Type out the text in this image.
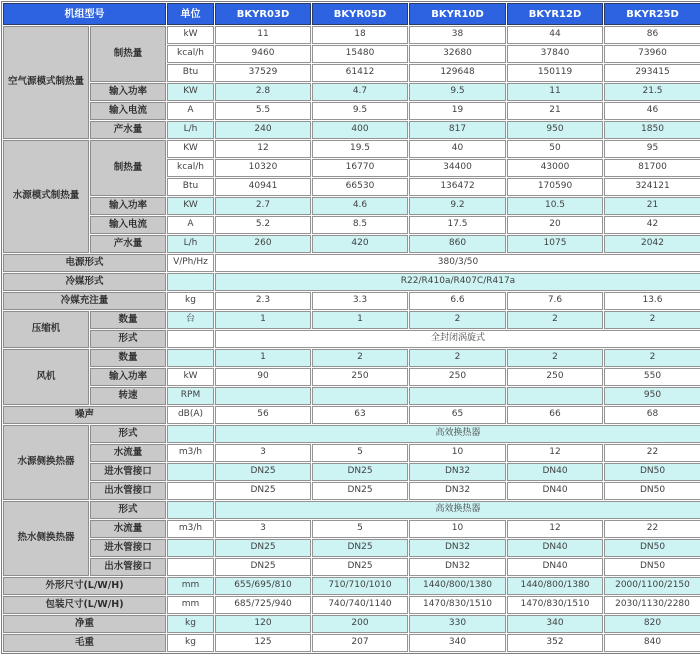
机组型号		单位	BKYR03D	BKYR05D	BKYR10D	BKYR12D	BKYR25D
空气源模式制热量	制热量	kW	11	18	38	44	86
		kcal/h	9460	15480	32680	37840	73960
		Btu	37529	61412	129648	150119	293415
	输入功率	KW	2.8	4.7	9.5	11	21.5
	输入电流	A	5.5	9.5	19	21	46
	产水量	L/h	240	400	817	950	1850
水源模式制热量	制热量	KW	12	19.5	40	50	95
		kcal/h	10320	16770	34400	43000	81700
		Btu	40941	66530	136472	170590	324121
	输入功率	KW	2.7	4.6	9.2	10.5	21
	输入电流	A	5.2	8.5	17.5	20	42
	产水量	L/h	260	420	860	1075	2042
电源形式		V/Ph/Hz	380/3/50				
冷媒形式			R22/R410a/R407C/R417a				
冷媒充注量		kg	2.3	3.3	6.6	7.6	13.6
压缩机	数量	台	1	1	2	2	2
	形式		全封闭涡旋式				
风机	数量		1	2	2	2	2
	输入功率	kW	90	250	250	250	550
	转速	RPM					950
噪声		dB(A)	56	63	65	66	68
水源侧换热器	形式		高效换热器				
	水流量	m3/h	3	5	10	12	22
	进水管接口		DN25	DN25	DN32	DN40	DN50
	出水管接口		DN25	DN25	DN32	DN40	DN50
热水侧换热器	形式		高效换热器				
	水流量	m3/h	3	5	10	12	22
	进水管接口		DN25	DN25	DN32	DN40	DN50
	出水管接口		DN25	DN25	DN32	DN40	DN50
外形尺寸(L/W/H)		mm	655/695/810	710/710/1010	1440/800/1380	1440/800/1380	2000/1100/2150
包装尺寸(L/W/H)		mm	685/725/940	740/740/1140	1470/830/1510	1470/830/1510	2030/1130/2280
净重		kg	120	200	330	340	820
毛重		kg	125	207	340	352	840
